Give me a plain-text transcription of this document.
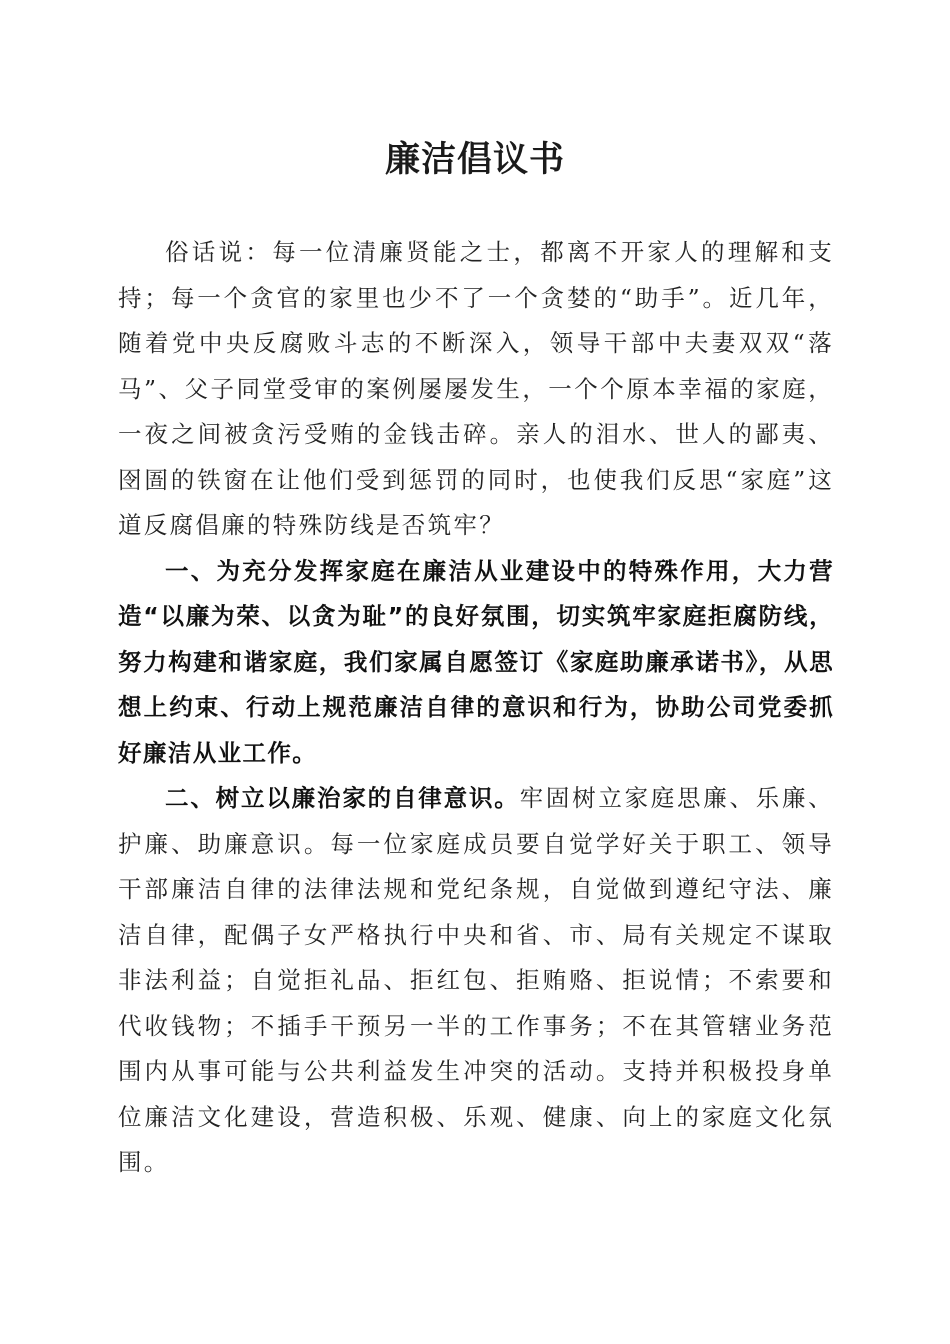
廉洁倡议书

俗话说：每一位清廉贤能之士，都离不开家人的理解和支持；每一个贪官的家里也少不了一个贪婪的“助手”。近几年，随着党中央反腐败斗志的不断深入，领导干部中夫妻双双“落马”、父子同堂受审的案例屡屡发生，一个个原本幸福的家庭，一夜之间被贪污受贿的金钱击碎。亲人的泪水、世人的鄙夷、囹圄的铁窗在让他们受到惩罚的同时，也使我们反思“家庭”这道反腐倡廉的特殊防线是否筑牢？

一、为充分发挥家庭在廉洁从业建设中的特殊作用，大力营造“以廉为荣、以贪为耻”的良好氛围，切实筑牢家庭拒腐防线，努力构建和谐家庭，我们家属自愿签订《家庭助廉承诺书》，从思想上约束、行动上规范廉洁自律的意识和行为，协助公司党委抓好廉洁从业工作。

二、树立以廉治家的自律意识。牢固树立家庭思廉、乐廉、护廉、助廉意识。每一位家庭成员要自觉学好关于职工、领导干部廉洁自律的法律法规和党纪条规，自觉做到遵纪守法、廉洁自律，配偶子女严格执行中央和省、市、局有关规定不谋取非法利益；自觉拒礼品、拒红包、拒贿赂、拒说情；不索要和代收钱物；不插手干预另一半的工作事务；不在其管辖业务范围内从事可能与公共利益发生冲突的活动。支持并积极投身单位廉洁文化建设，营造积极、乐观、健康、向上的家庭文化氛围。
